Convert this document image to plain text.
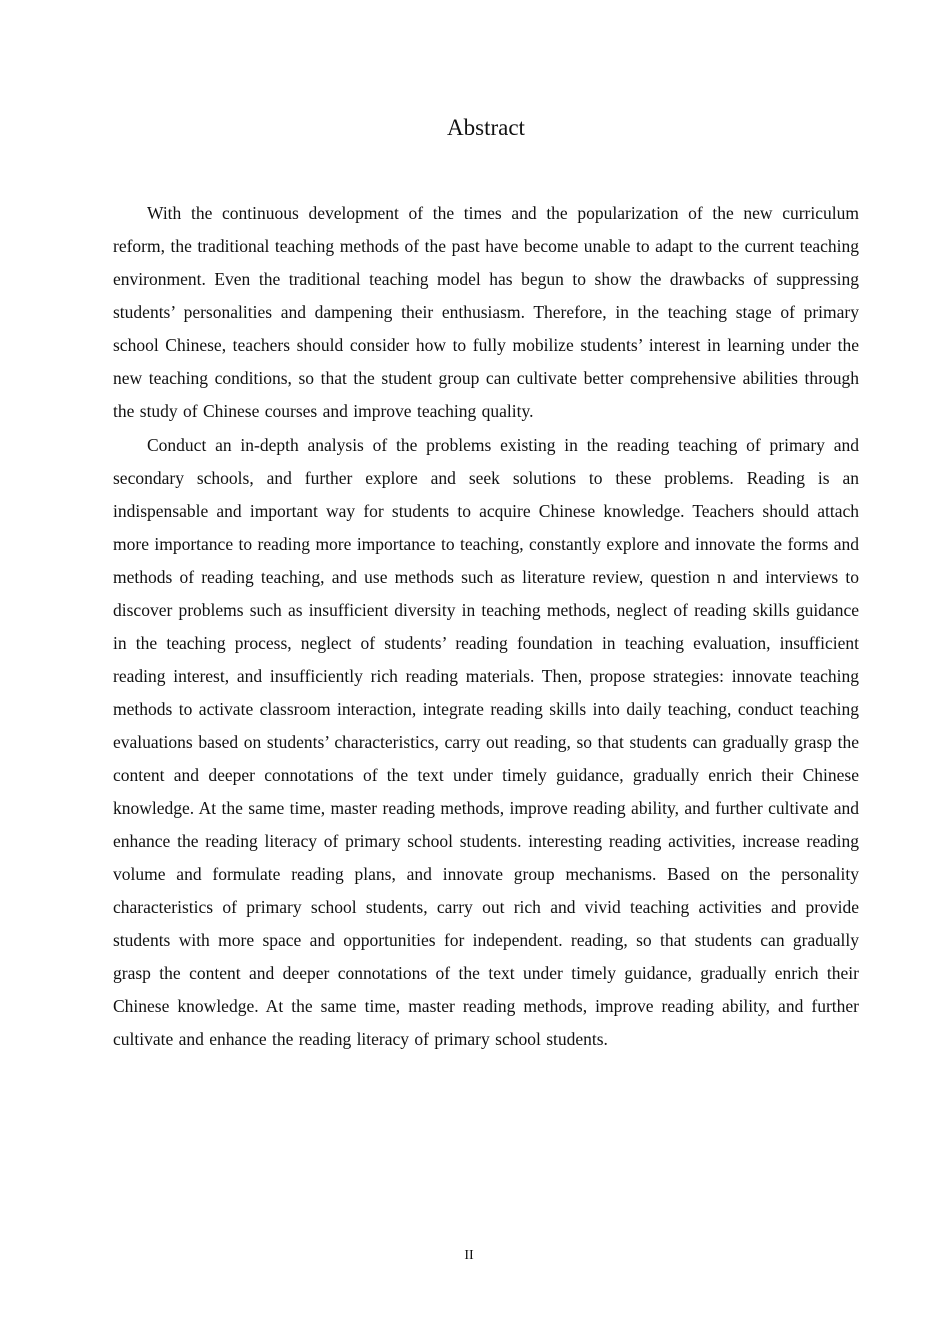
Abstract

With the continuous development of the times and the popularization of the new curriculum reform, the traditional teaching methods of the past have become unable to adapt to the current teaching environment. Even the traditional teaching model has begun to show the drawbacks of suppressing students’ personalities and dampening their enthusiasm. Therefore, in the teaching stage of primary school Chinese, teachers should consider how to fully mobilize students’ interest in learning under the new teaching conditions, so that the student group can cultivate better comprehensive abilities through the study of Chinese courses and improve teaching quality.

Conduct an in-depth analysis of the problems existing in the reading teaching of primary and secondary schools, and further explore and seek solutions to these problems. Reading is an indispensable and important way for students to acquire Chinese knowledge. Teachers should attach more importance to reading more importance to teaching, constantly explore and innovate the forms and methods of reading teaching, and use methods such as literature review, question n and interviews to discover problems such as insufficient diversity in teaching methods, neglect of reading skills guidance in the teaching process, neglect of students’ reading foundation in teaching evaluation, insufficient reading interest, and insufficiently rich reading materials. Then, propose strategies: innovate teaching methods to activate classroom interaction, integrate reading skills into daily teaching, conduct teaching evaluations based on students’ characteristics, carry out reading, so that students can gradually grasp the content and deeper connotations of the text under timely guidance, gradually enrich their Chinese knowledge. At the same time, master reading methods, improve reading ability, and further cultivate and enhance the reading literacy of primary school students. interesting reading activities, increase reading volume and formulate reading plans, and innovate group mechanisms. Based on the personality characteristics of primary school students, carry out rich and vivid teaching activities and provide students with more space and opportunities for independent. reading, so that students can gradually grasp the content and deeper connotations of the text under timely guidance, gradually enrich their Chinese knowledge. At the same time, master reading methods, improve reading ability, and further cultivate and enhance the reading literacy of primary school students.

II
